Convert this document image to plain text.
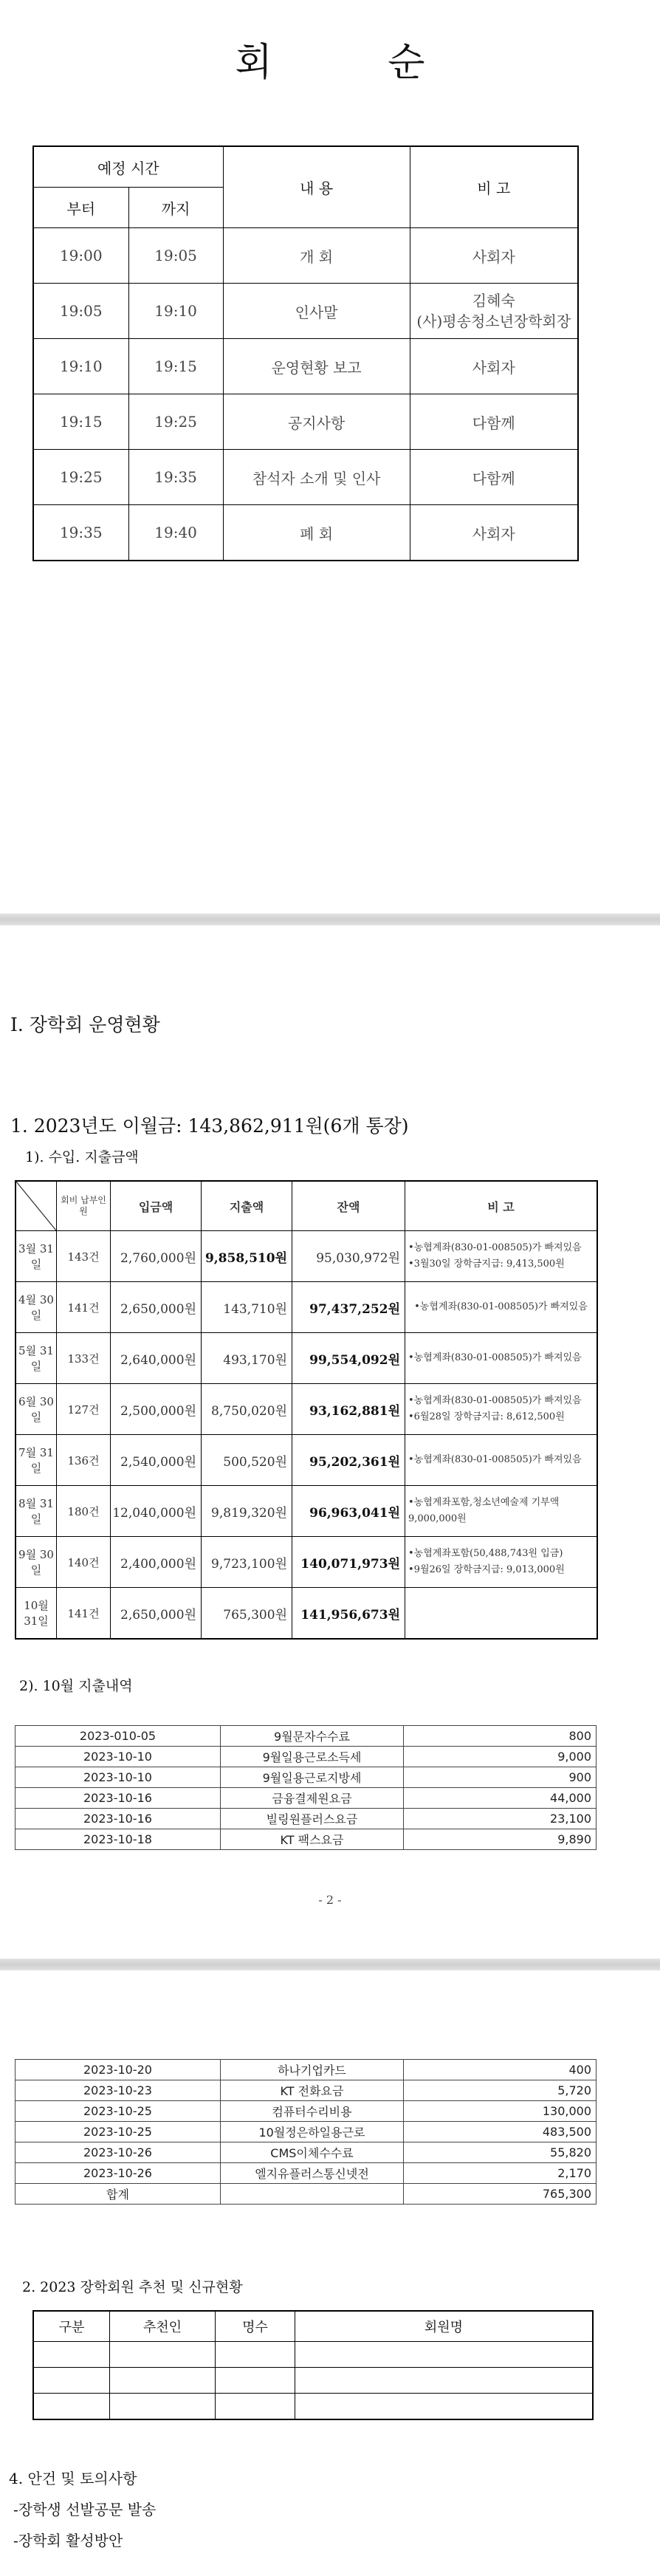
회 순
예정 시간		내 용	비 고
부터	까지		
19:00	19:05	개 회	사회자
19:05	19:10	인사말	김혜숙
(사)평송청소년장학회장

19:10	19:15	운영현황 보고	사회자
19:15	19:25	공지사항	다함께
19:25	19:35	참석자 소개 및 인사	다함께
19:35	19:40	폐 회	사회자
I. 장학회 운영현황
1. 2023년도 이월금: 143,862,911원(6개 통장)
1). 수입. 지출금액
	회비 납부인원	입금액	지출액	잔액	비 고
3월 31일	143건	2,760,000원	9,858,510원	95,030,972원	•농협계좌(830-01-008505)가 빠져있음
•3월30일 장학금지급: 9,413,500원

4월 30일	141건	2,650,000원	143,710원	97,437,252원	•농협계좌(830-01-008505)가 빠져있음

5월 31일	133건	2,640,000원	493,170원	99,554,092원	•농협계좌(830-01-008505)가 빠져있음

6월 30일	127건	2,500,000원	8,750,020원	93,162,881원	•농협계좌(830-01-008505)가 빠져있음
•6월28일 장학금지급: 8,612,500원

7월 31일	136건	2,540,000원	500,520원	95,202,361원	•농협계좌(830-01-008505)가 빠져있음

8월 31일	180건	12,040,000원	9,819,320원	96,963,041원	•농협계좌포함,청소년예술제 기부액 9,000,000원

9월 30일	140건	2,400,000원	9,723,100원	140,071,973원	•농협계좌포함(50,488,743원 입금)
•9월26일 장학금지급: 9,013,000원

10월 31일	141건	2,650,000원	765,300원	141,956,673원	
2). 10월 지출내역
2023-010-05	9월문자수수료	800
2023-10-10	9월일용근로소득세	9,000
2023-10-10	9월일용근로지방세	900
2023-10-16	금융결제원요금	44,000
2023-10-16	빌링원플러스요금	23,100
2023-10-18	KT 팩스요금	9,890
- 2 -
2023-10-20	하나기업카드	400
2023-10-23	KT 전화요금	5,720
2023-10-25	컴퓨터수리비용	130,000
2023-10-25	10월정은하일용근로	483,500
2023-10-26	CMS이체수수료	55,820
2023-10-26	엘지유플러스통신넷전	2,170
합계		765,300
2. 2023 장학회원 추천 및 신규현황
구분	추천인	명수	회원명

4. 안건 및 토의사항
-장학생 선발공문 발송
-장학회 활성방안
